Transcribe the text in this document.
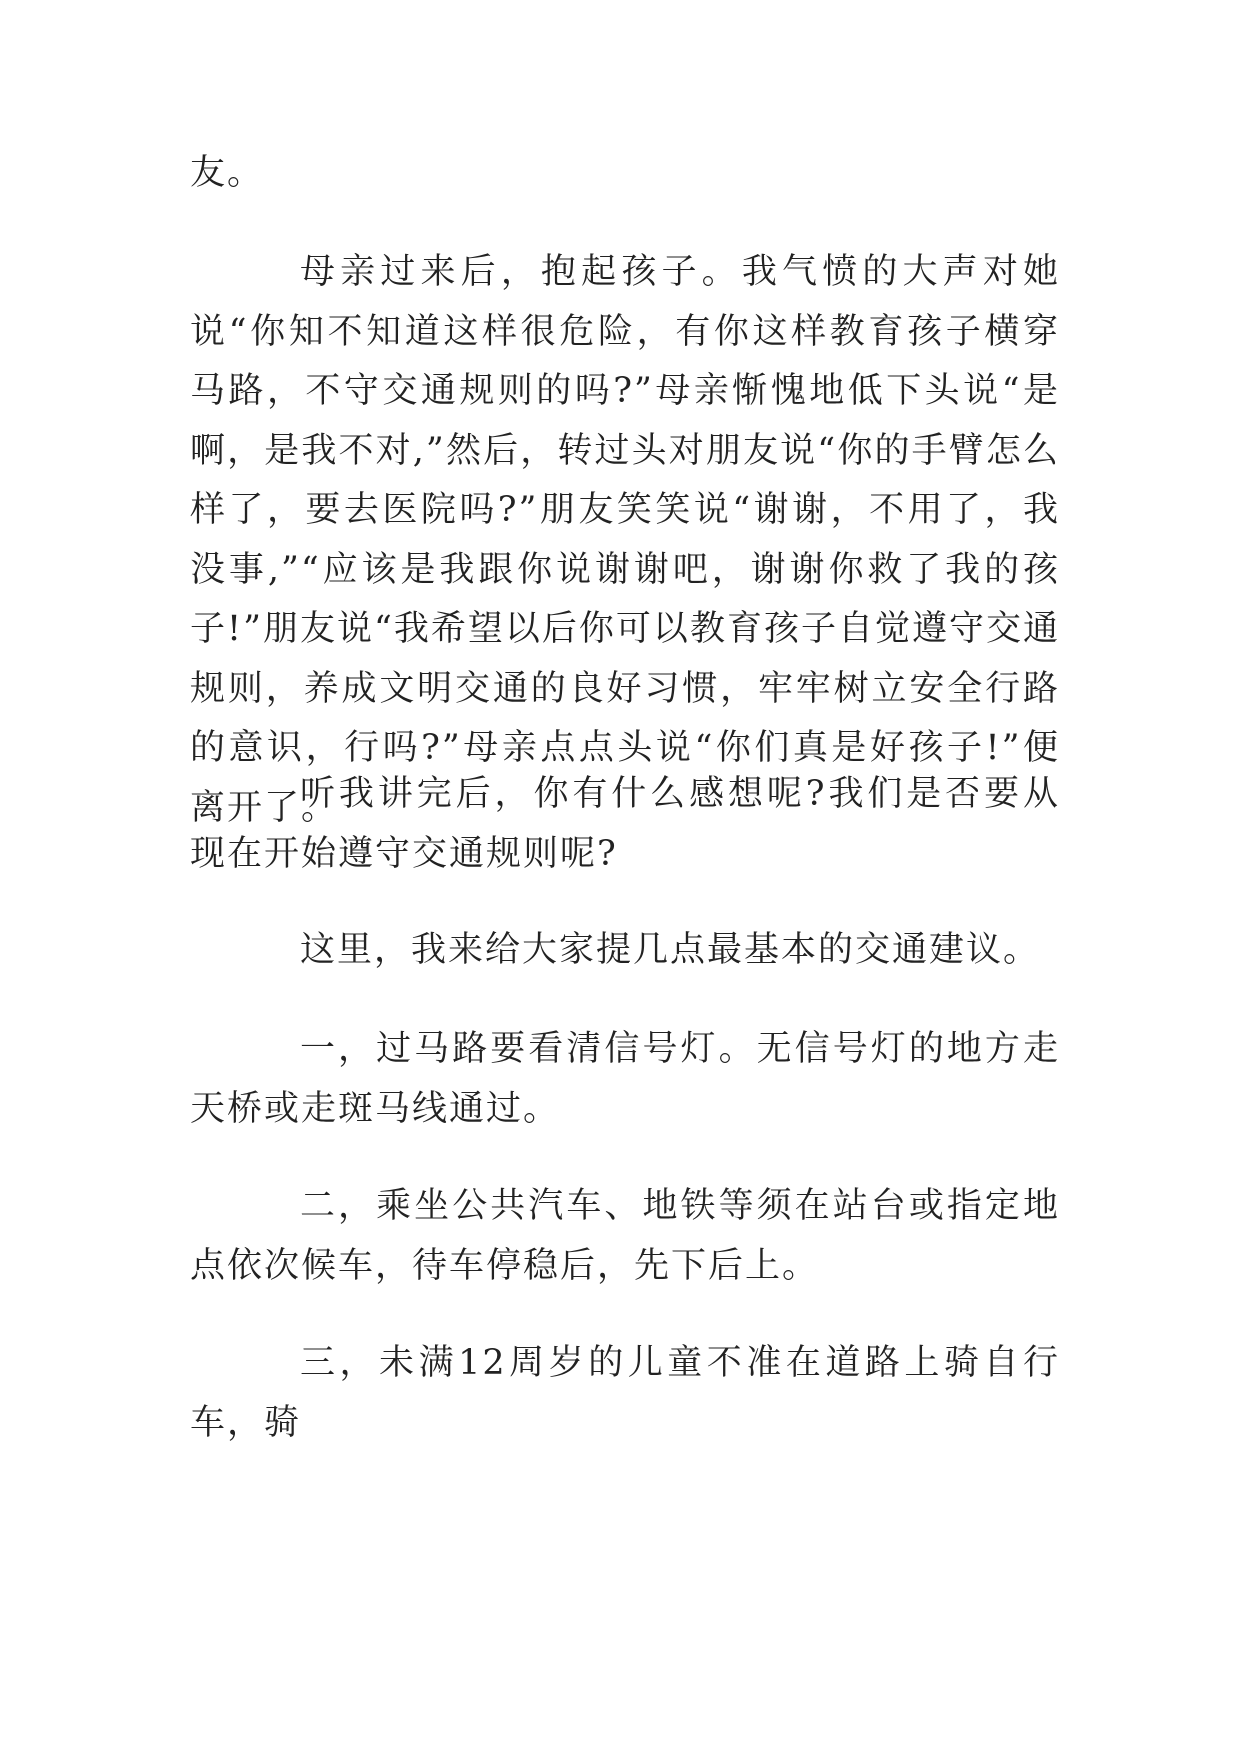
友。

母亲过来后，抱起孩子。我气愤的大声对她说“你知不知道这样很危险，有你这样教育孩子横穿马路，不守交通规则的吗?”母亲惭愧地低下头说“是啊，是我不对,”然后，转过头对朋友说“你的手臂怎么样了，要去医院吗?”朋友笑笑说“谢谢，不用了，我没事,”“应该是我跟你说谢谢吧，谢谢你救了我的孩子!”朋友说“我希望以后你可以教育孩子自觉遵守交通规则，养成文明交通的良好习惯，牢牢树立安全行路的意识，行吗?”母亲点点头说“你们真是好孩子!”便离开了。

听我讲完后，你有什么感想呢?我们是否要从现在开始遵守交通规则呢?

这里，我来给大家提几点最基本的交通建议。

一，过马路要看清信号灯。无信号灯的地方走天桥或走斑马线通过。

二，乘坐公共汽车、地铁等须在站台或指定地点依次候车，待车停稳后，先下后上。

三，未满12周岁的儿童不准在道路上骑自行车，骑
